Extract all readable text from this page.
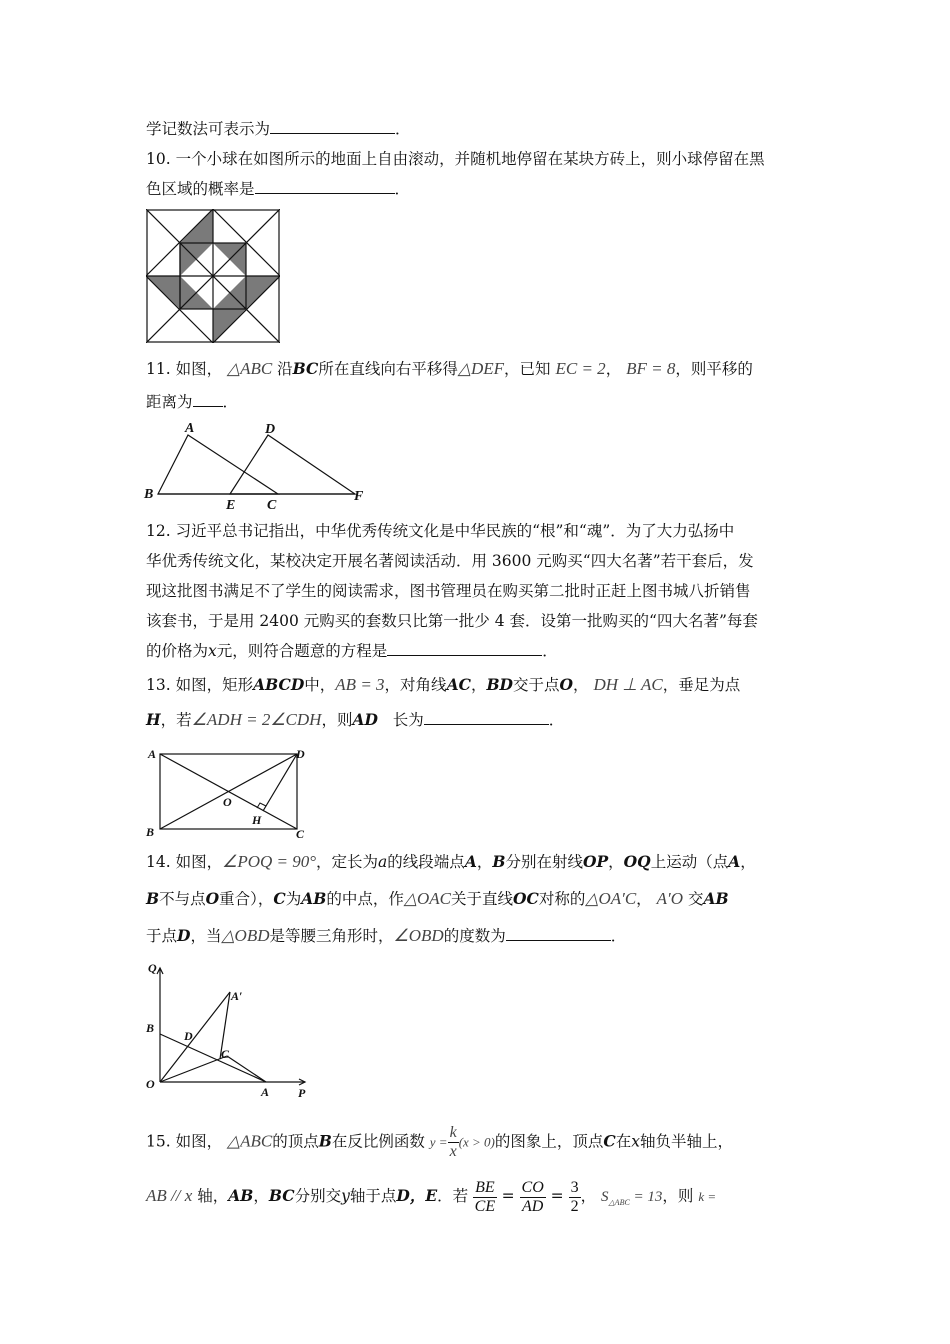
学记数法可表示为	．
10. 一个小球在如图所示的地面上自由滚动，并随机地停留在某块方砖上，则小球停留在黑
色区域的概率是	．
11. 如图， △ABC 沿BC所在直线向右平移得△DEF，已知 EC = 2， BF = 8，则平移的
距离为 ．
A	D
B
E C
F
12. 习近平总书记指出，中华优秀传统文化是中华民族的“根”和“魂”．为了大力弘扬中
华优秀传统文化，某校决定开展名著阅读活动．用 3600 元购买“四大名著”若干套后，发
现这批图书满足不了学生的阅读需求，图书管理员在购买第二批时正赶上图书城八折销售
该套书，于是用 2400 元购买的套数只比第一批少 4 套．设第一批购买的“四大名著”每套
的价格为x元，则符合题意的方程是	．
13. 如图，矩形ABCD中，AB = 3，对角线AC，BD交于点O， DH ⊥ AC，垂足为点
H，若∠ADH = 2∠CDH，则AD 长为	．
A	D
O
H
B	C
14. 如图，∠POQ = 90°，定长为a的线段端点A，B分别在射线OP，OQ上运动（点A，
B不与点O重合），C为AB的中点，作△OAC关于直线OC对称的△OA′C， A′O 交AB
于点D，当△OBD是等腰三角形时，∠OBD的度数为	．
Q
A′
B
D
C
O
A P
15. 如图， △ABC的顶点B在反比例函数 $y = \frac{k}{x} (x > 0)$的图象上，顶点C在x轴负半轴上，
AB // x 轴，AB，BC分别交y轴于点D，E．若 $\frac{BE}{CE} = \frac{CO}{AD} = \frac{3}{2}$ ， $S_{\triangle ABC} = 13$，则 k =
